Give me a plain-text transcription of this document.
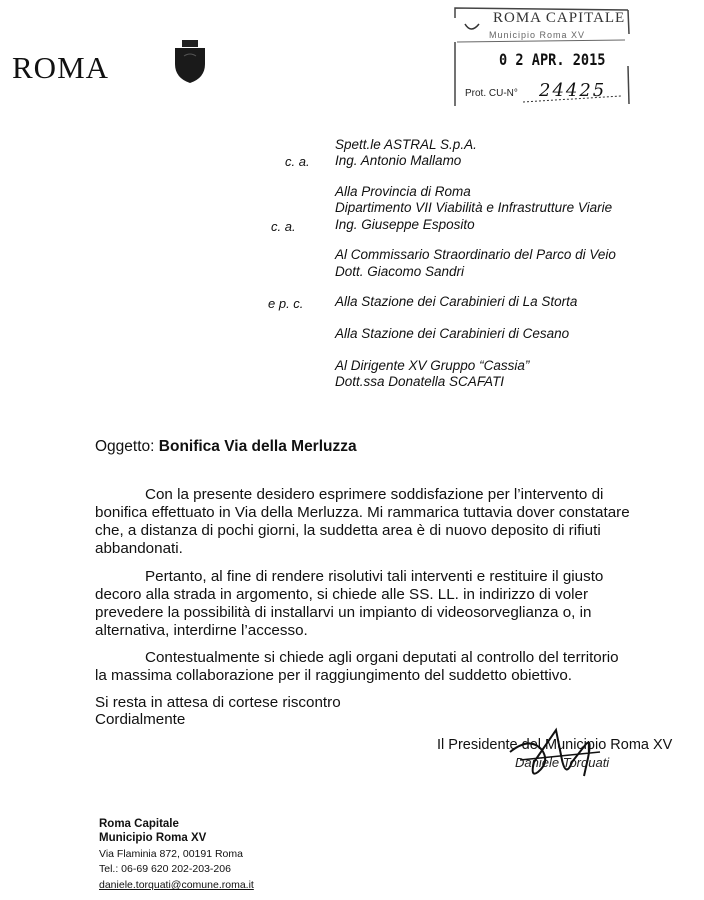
ROMA
ROMA CAPITALE
Municipio Roma XV
0 2 APR. 2015
Prot. CU-N° 24425
Spett.le ASTRAL S.p.A.
c. a. Ing. Antonio Mallamo
Alla Provincia di Roma
Dipartimento VII Viabilità e Infrastrutture Viarie
c. a.	Ing. Giuseppe Esposito
Al Commissario Straordinario del Parco di Veio
Dott. Giacomo Sandri
e p. c. Alla Stazione dei Carabinieri di La Storta
Alla Stazione dei Carabinieri di Cesano
Al Dirigente XV Gruppo “Cassia”
Dott.ssa Donatella SCAFATI
Oggetto: Bonifica Via della Merluzza
Con la presente desidero esprimere soddisfazione per l’intervento di
bonifica effettuato in Via della Merluzza. Mi rammarica tuttavia dover constatare
che, a distanza di pochi giorni, la suddetta area è di nuovo deposito di rifiuti
abbandonati.
Pertanto, al fine di rendere risolutivi tali interventi e restituire il giusto
decoro alla strada in argomento, si chiede alle SS. LL. in indirizzo di voler
prevedere la possibilità di installarvi un impianto di videosorveglianza o, in
alternativa, interdirne l’accesso.
Contestualmente si chiede agli organi deputati al controllo del territorio
la massima collaborazione per il raggiungimento del suddetto obiettivo.
Si resta in attesa di cortese riscontro
Cordialmente
Il Presidente del Municipio Roma XV
Daniele Torquati
Roma Capitale
Municipio Roma XV
Via Flaminia 872, 00191 Roma
Tel.: 06-69 620 202-203-206
daniele.torquati@comune.roma.it
